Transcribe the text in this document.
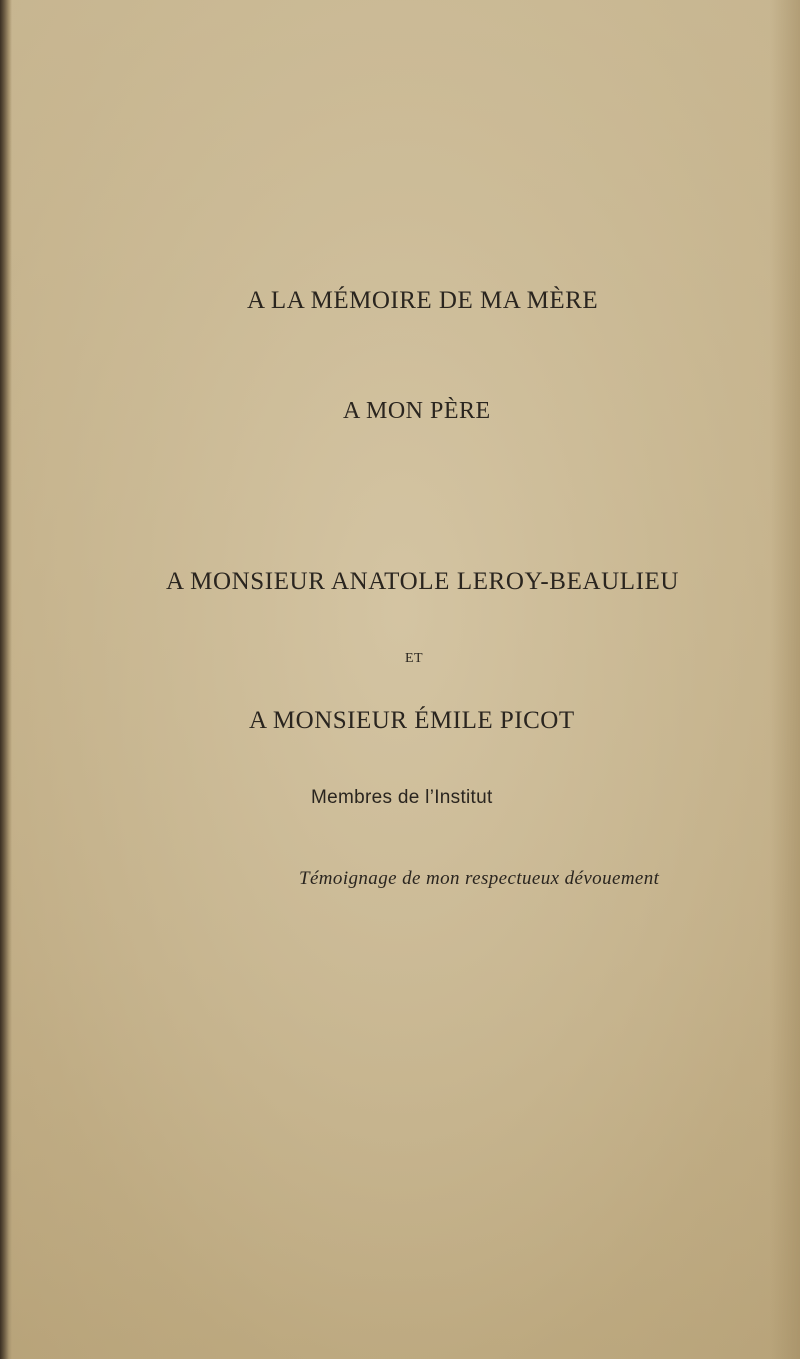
A LA MÉMOIRE DE MA MÈRE
A MON PÈRE
A MONSIEUR ANATOLE LEROY-BEAULIEU
ET
A MONSIEUR ÉMILE PICOT
Membres de l’Institut
Témoignage de mon respectueux dévouement
